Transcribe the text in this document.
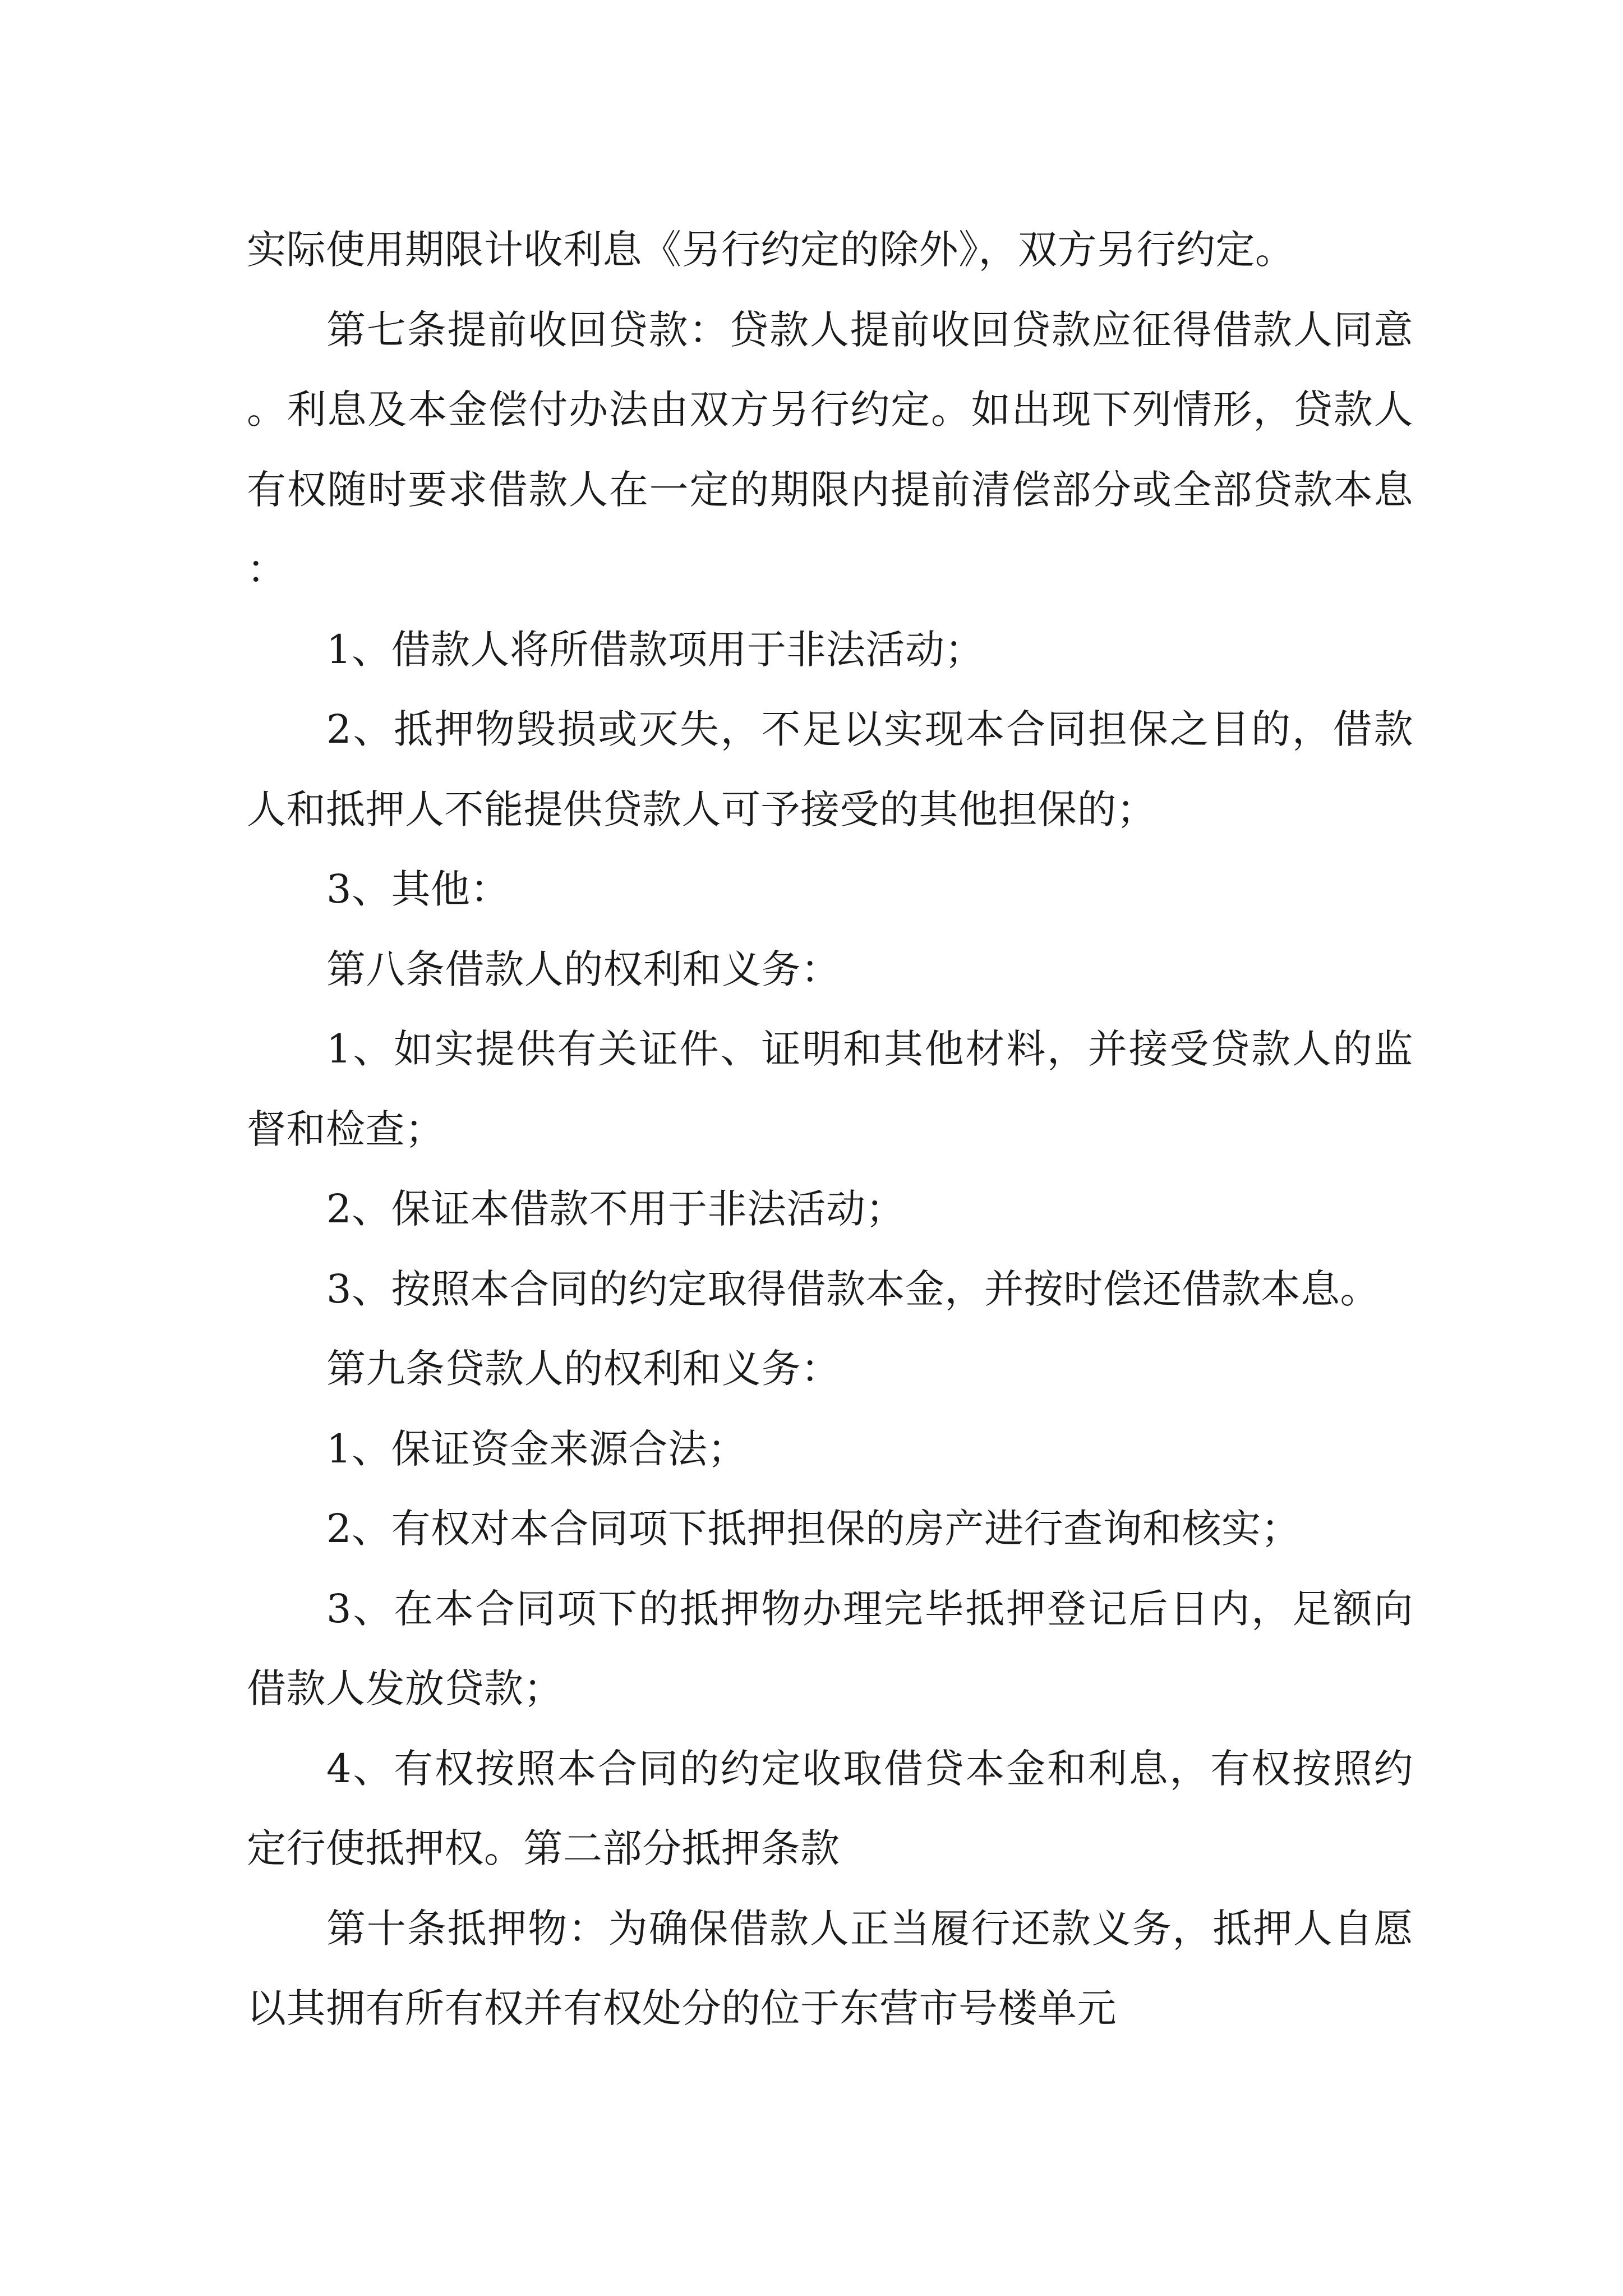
实际使用期限计收利息《另行约定的除外》，双方另行约定。

第七条提前收回贷款：贷款人提前收回贷款应征得借款人同意。利息及本金偿付办法由双方另行约定。如出现下列情形，贷款人有权随时要求借款人在一定的期限内提前清偿部分或全部贷款本息：

1、借款人将所借款项用于非法活动；

2、抵押物毁损或灭失，不足以实现本合同担保之目的，借款人和抵押人不能提供贷款人可予接受的其他担保的；

3、其他：

第八条借款人的权利和义务：

1、如实提供有关证件、证明和其他材料，并接受贷款人的监督和检查；

2、保证本借款不用于非法活动；

3、按照本合同的约定取得借款本金，并按时偿还借款本息。

第九条贷款人的权利和义务：

1、保证资金来源合法；

2、有权对本合同项下抵押担保的房产进行查询和核实；

3、在本合同项下的抵押物办理完毕抵押登记后日内，足额向借款人发放贷款；

4、有权按照本合同的约定收取借贷本金和利息，有权按照约定行使抵押权。第二部分抵押条款

第十条抵押物：为确保借款人正当履行还款义务，抵押人自愿以其拥有所有权并有权处分的位于东营市号楼单元
